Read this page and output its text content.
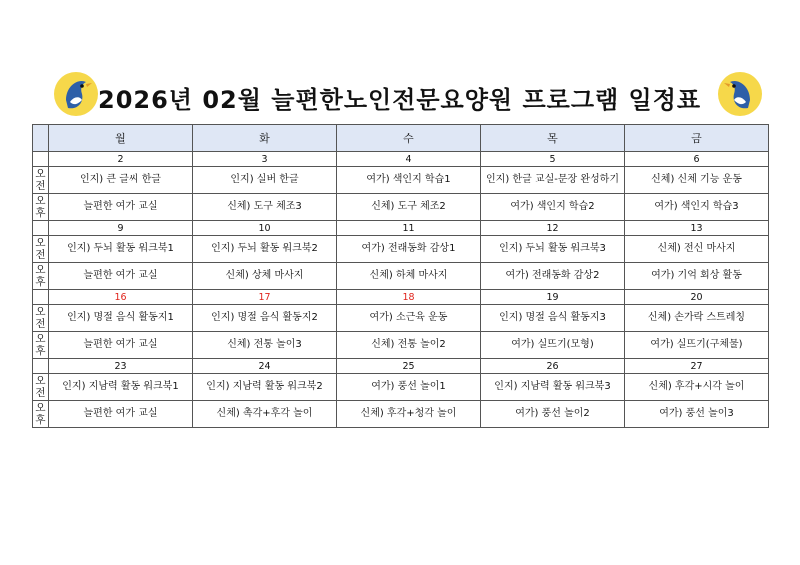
2026년 02월 늘편한노인전문요양원 프로그램 일정표
	월	화	수	목	금
	2	3	4	5	6

오
전	인지) 큰 글씨 한글	인지) 실버 한글	여가) 색인지 학습1	인지) 한글 교실-문장 완성하기	신체) 신체 기능 운동

오
후	늘편한 여가 교실	신체) 도구 체조3	신체) 도구 체조2	여가) 색인지 학습2	여가) 색인지 학습3
	9	10	11	12	13

오
전	인지) 두뇌 활동 워크북1	인지) 두뇌 활동 워크북2	여가) 전래동화 감상1	인지) 두뇌 활동 워크북3	신체) 전신 마사지

오
후	늘편한 여가 교실	신체) 상체 마사지	신체) 하체 마사지	여가) 전래동화 감상2	여가) 기억 회상 활동
	16	17	18	19	20

오
전	인지) 명절 음식 활동지1	인지) 명절 음식 활동지2	여가) 소근육 운동	인지) 명절 음식 활동지3	신체) 손가락 스트레칭

오
후	늘편한 여가 교실	신체) 전통 놀이3	신체) 전통 놀이2	여가) 실뜨기(모형)	여가) 실뜨기(구체물)
	23	24	25	26	27

오
전	인지) 지남력 활동 워크북1	인지) 지남력 활동 워크북2	여가) 풍선 놀이1	인지) 지남력 활동 워크북3	신체) 후각+시각 놀이

오
후	늘편한 여가 교실	신체) 촉각+후각 놀이	신체) 후각+청각 놀이	여가) 풍선 놀이2	여가) 풍선 놀이3
